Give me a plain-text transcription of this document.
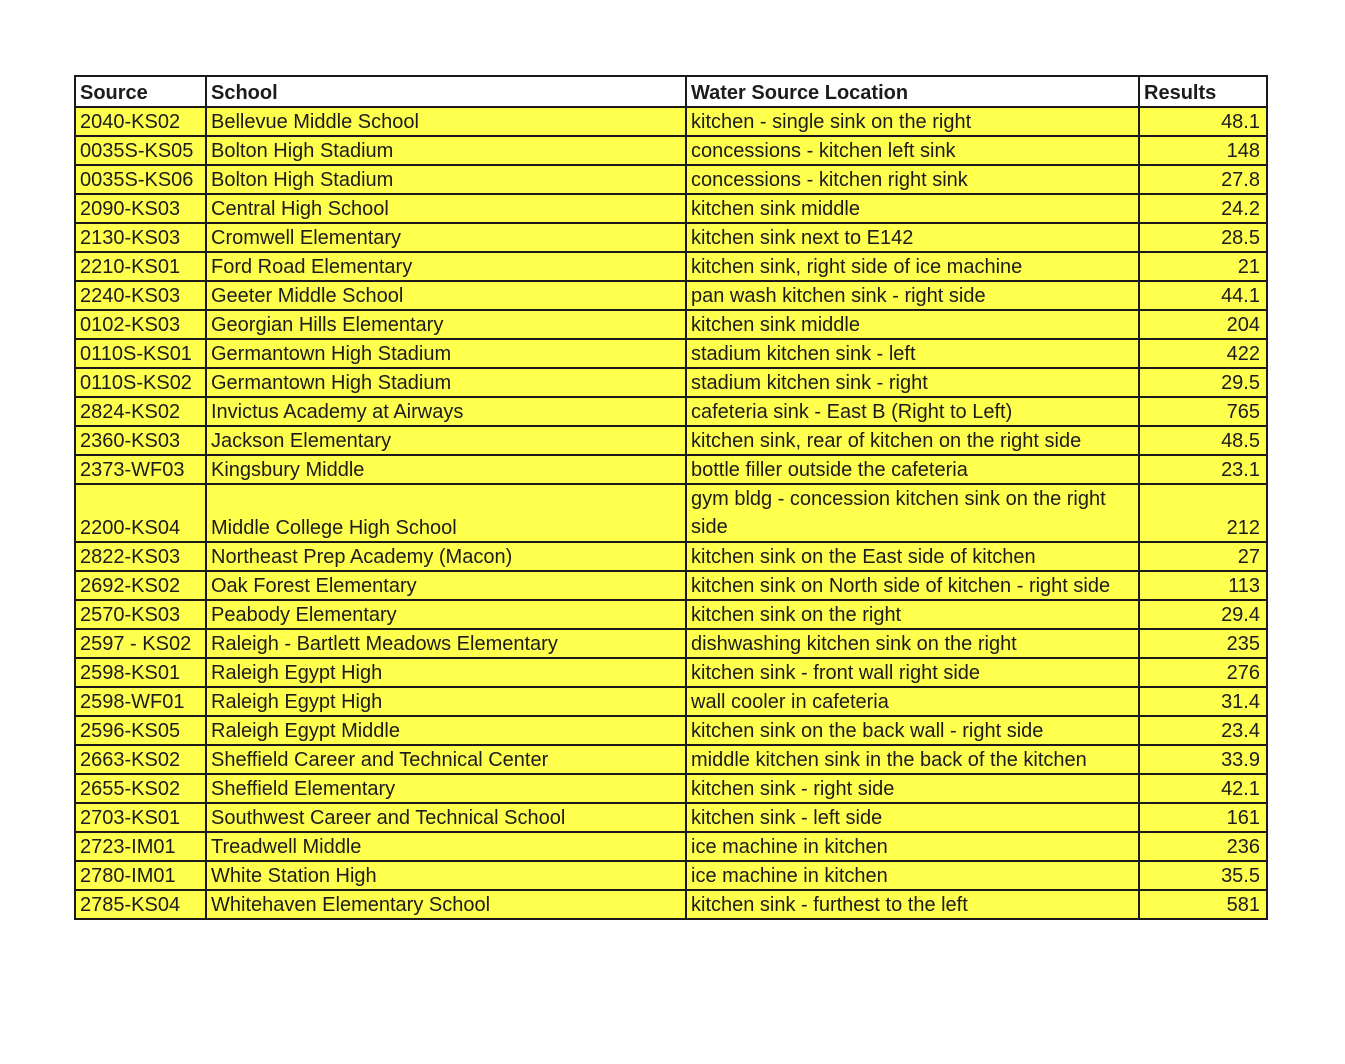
Source	School	Water Source Location	Results
2040-KS02	Bellevue Middle School	kitchen - single sink on the right	48.1
0035S-KS05	Bolton High Stadium	concessions - kitchen left sink	148
0035S-KS06	Bolton High Stadium	concessions - kitchen right sink	27.8
2090-KS03	Central High School	kitchen sink middle	24.2
2130-KS03	Cromwell Elementary	kitchen sink next to E142	28.5
2210-KS01	Ford Road Elementary	kitchen sink, right side of ice machine	21
2240-KS03	Geeter Middle School	pan wash kitchen sink - right side	44.1
0102-KS03	Georgian Hills Elementary	kitchen sink middle	204
0110S-KS01	Germantown High Stadium	stadium kitchen sink - left	422
0110S-KS02	Germantown High Stadium	stadium kitchen sink - right	29.5
2824-KS02	Invictus Academy at Airways	cafeteria sink - East B (Right to Left)	765
2360-KS03	Jackson Elementary	kitchen sink, rear of kitchen on the right side	48.5
2373-WF03	Kingsbury Middle	bottle filler outside the cafeteria	23.1
2200-KS04	Middle College High School	gym bldg - concession kitchen sink on the right side	212
2822-KS03	Northeast Prep Academy (Macon)	kitchen sink on the East side of kitchen	27
2692-KS02	Oak Forest Elementary	kitchen sink on North side of kitchen - right side	113
2570-KS03	Peabody Elementary	kitchen sink on the right	29.4
2597 - KS02	Raleigh - Bartlett Meadows Elementary	dishwashing kitchen sink on the right	235
2598-KS01	Raleigh Egypt High	kitchen sink - front wall right side	276
2598-WF01	Raleigh Egypt High	wall cooler in cafeteria	31.4
2596-KS05	Raleigh Egypt Middle	kitchen sink on the back wall - right side	23.4
2663-KS02	Sheffield Career and Technical Center	middle kitchen sink in the back of the kitchen	33.9
2655-KS02	Sheffield Elementary	kitchen sink - right side	42.1
2703-KS01	Southwest Career and Technical School	kitchen sink - left side	161
2723-IM01	Treadwell Middle	ice machine in kitchen	236
2780-IM01	White Station High	ice machine in kitchen	35.5
2785-KS04	Whitehaven Elementary School	kitchen sink - furthest to the left	581
